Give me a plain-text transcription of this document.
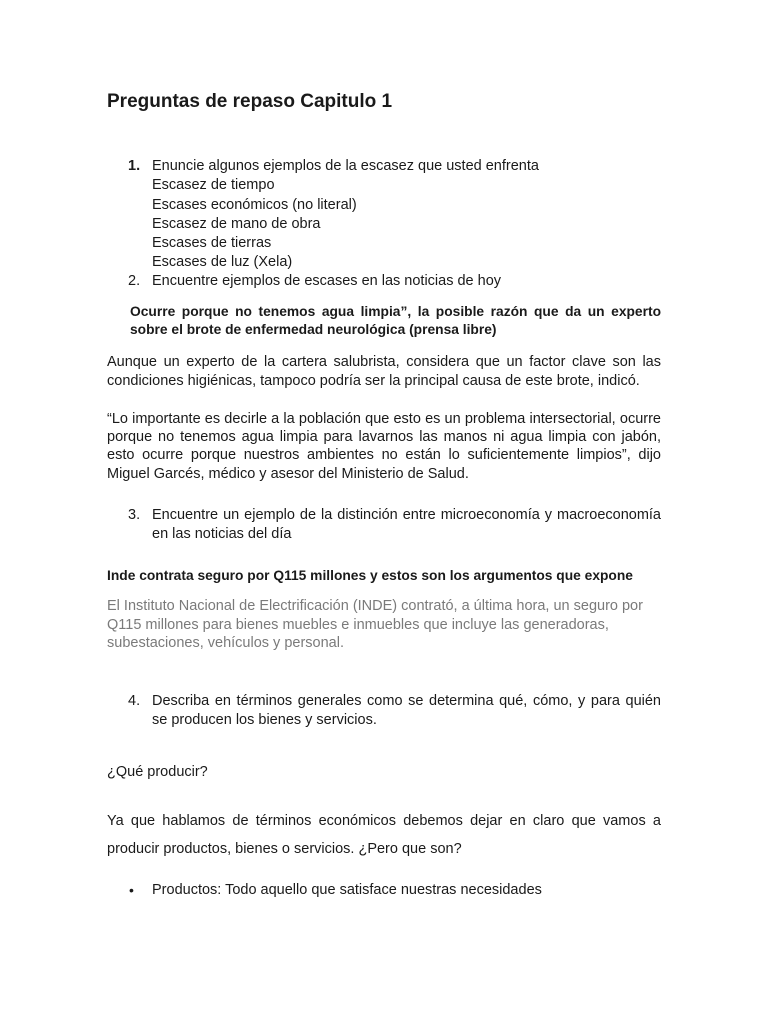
Preguntas de repaso Capitulo 1
1. Enuncie algunos ejemplos de la escasez que usted enfrenta
Escasez de tiempo
Escases económicos (no literal)
Escasez de mano de obra
Escases de tierras
Escases de luz (Xela)
2. Encuentre ejemplos de escases en las noticias de hoy

Ocurre porque no tenemos agua limpia”, la posible razón que da un experto sobre el brote de enfermedad neurológica (prensa libre)

Aunque un experto de la cartera salubrista, considera que un factor clave son las condiciones higiénicas, tampoco podría ser la principal causa de este brote, indicó.

“Lo importante es decirle a la población que esto es un problema intersectorial, ocurre porque no tenemos agua limpia para lavarnos las manos ni agua limpia con jabón, esto ocurre porque nuestros ambientes no están lo suficientemente limpios”, dijo Miguel Garcés, médico y asesor del Ministerio de Salud.

3. Encuentre un ejemplo de la distinción entre microeconomía y macroeconomía en las noticias del día

Inde contrata seguro por Q115 millones y estos son los argumentos que expone

El Instituto Nacional de Electrificación (INDE) contrató, a última hora, un seguro por Q115 millones para bienes muebles e inmuebles que incluye las generadoras, subestaciones, vehículos y personal.

4. Describa en términos generales como se determina qué, cómo, y para quién se producen los bienes y servicios.

¿Qué producir?

Ya que hablamos de términos económicos debemos dejar en claro que vamos a producir productos, bienes o servicios. ¿Pero que son?

• Productos: Todo aquello que satisface nuestras necesidades
